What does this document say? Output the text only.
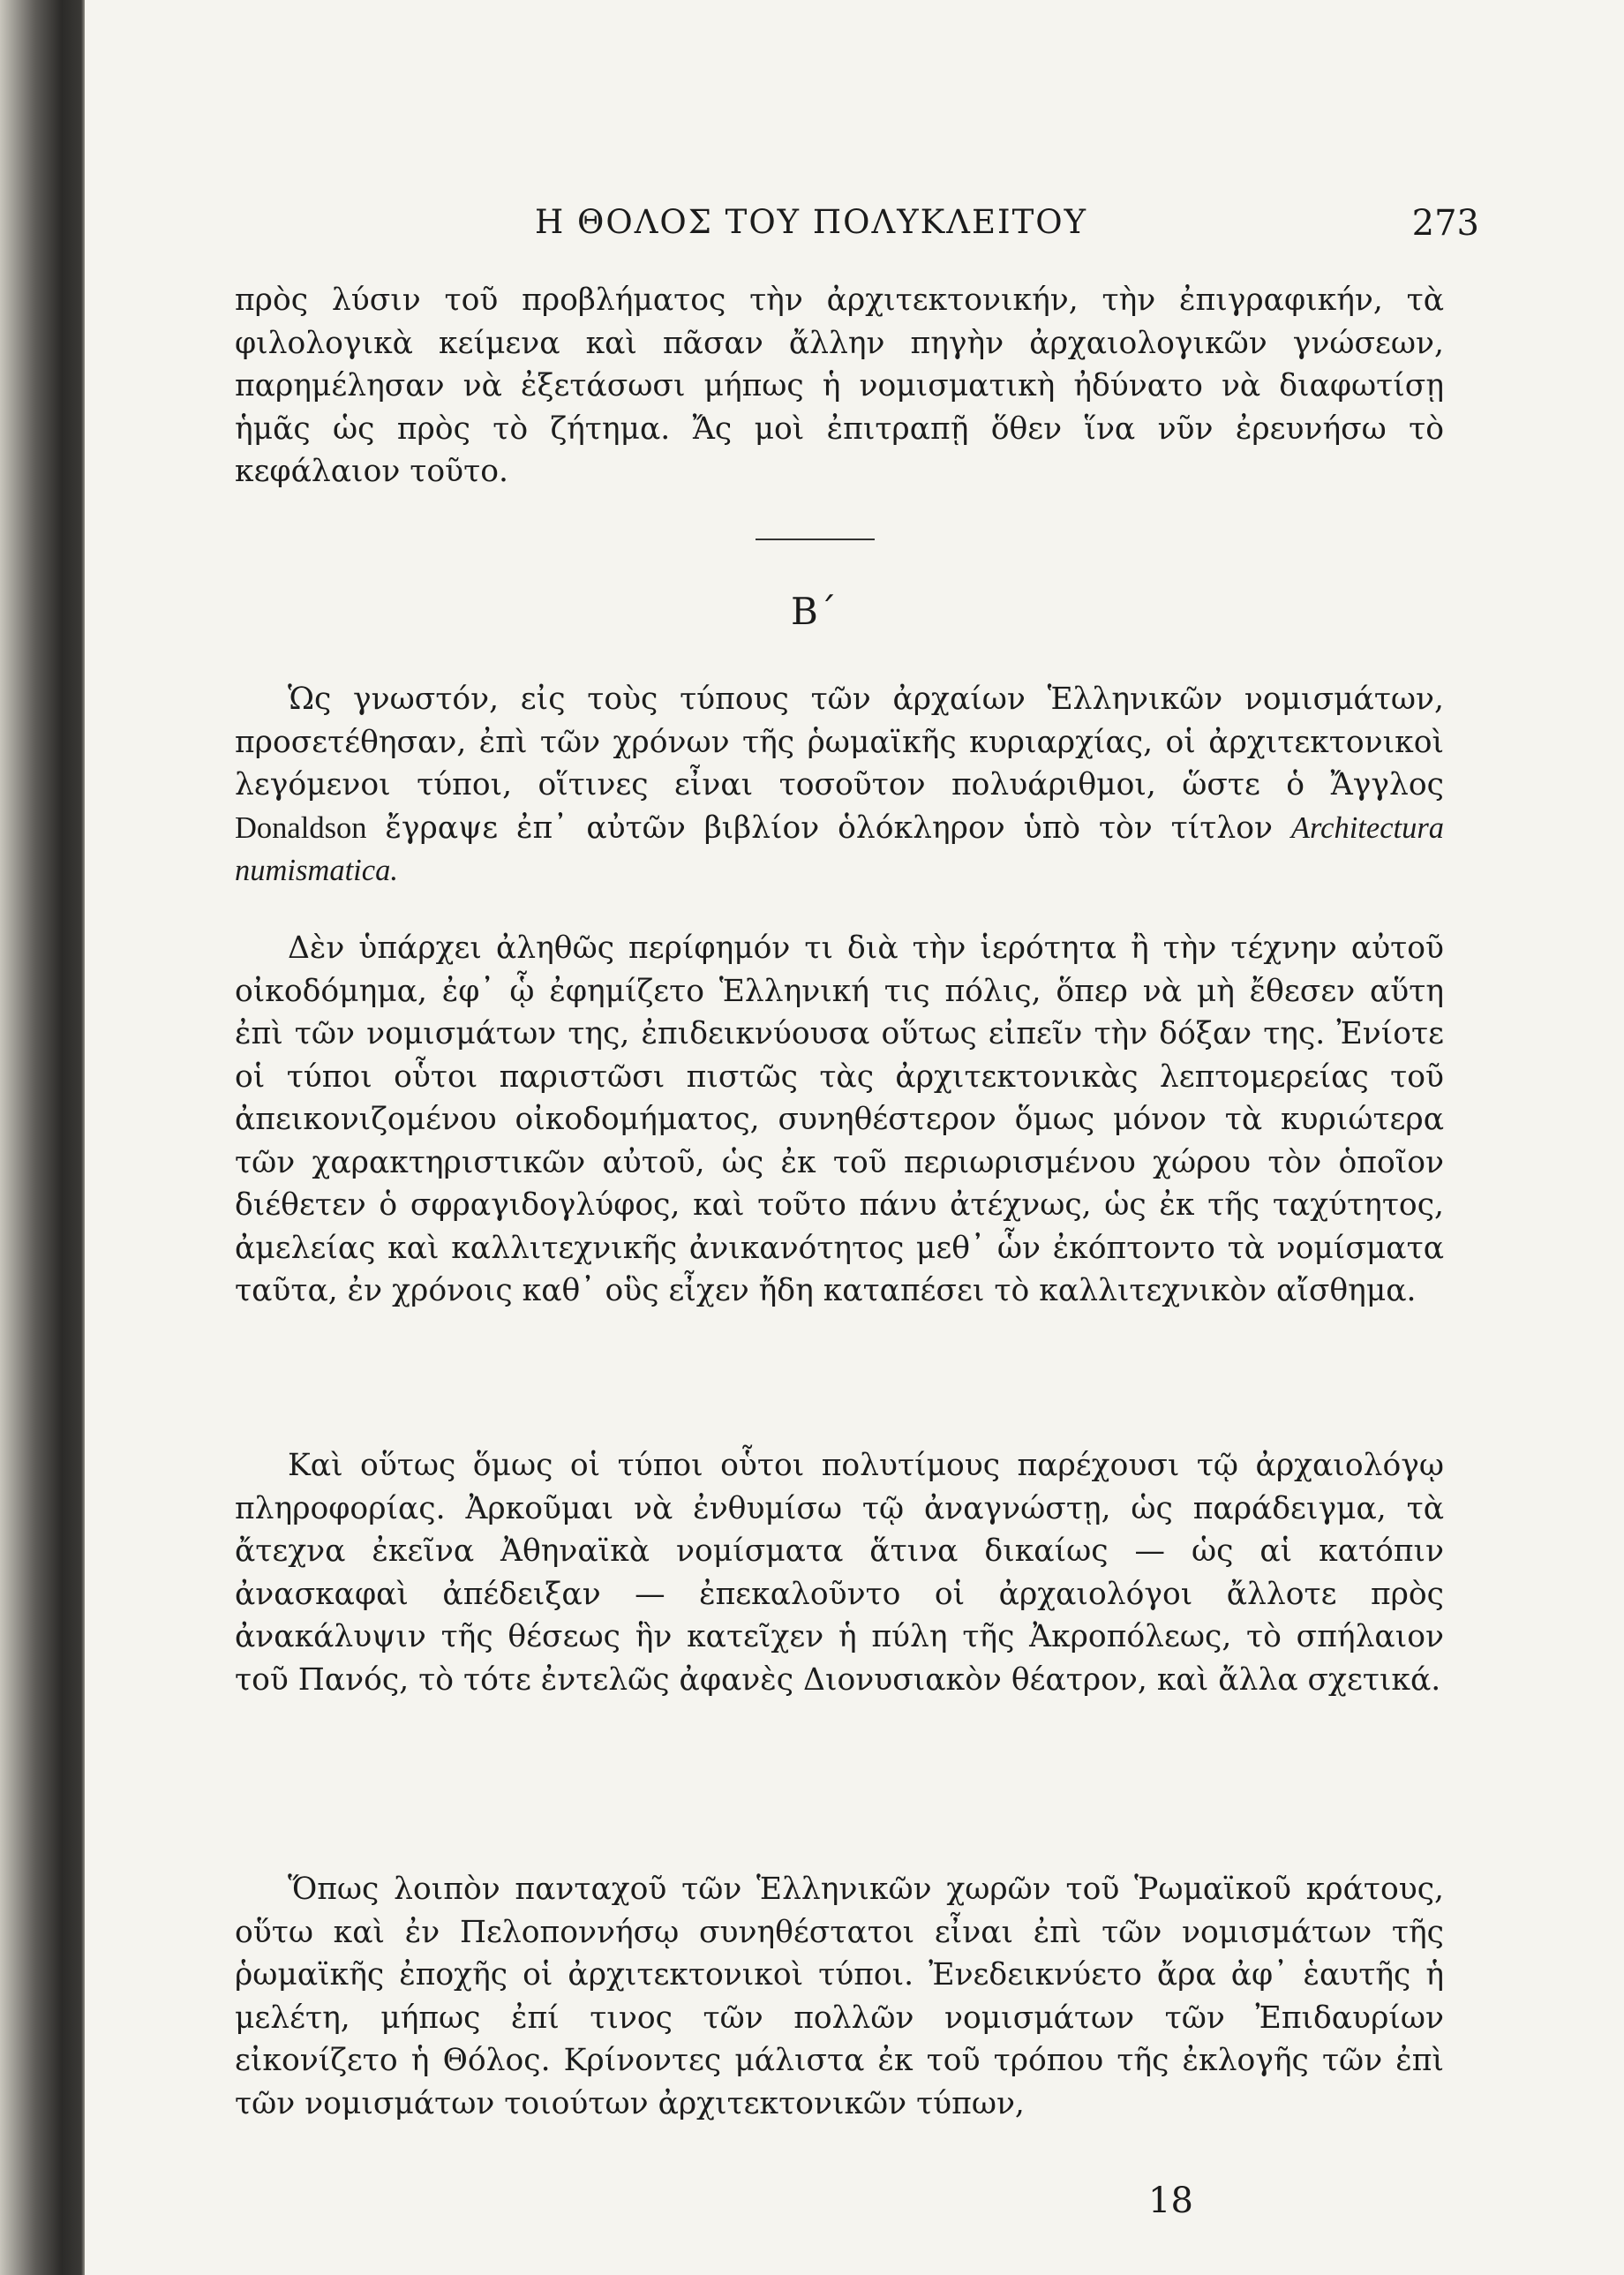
Η ΘΟΛΟΣ ΤΟΥ ΠΟΛΥΚΛΕΙΤΟΥ	273

πρὸς λύσιν τοῦ προβλήματος τὴν ἀρχιτεκτονικήν, τὴν ἐπιγραφικήν, τὰ φιλολογικὰ κείμενα καὶ πᾶσαν ἄλλην πηγὴν ἀρχαιολογικῶν γνώσεων, παρημέλησαν νὰ ἐξετάσωσι μήπως ἡ νομισματικὴ ἠδύνατο νὰ διαφωτίσῃ ἡμᾶς ὡς πρὸς τὸ ζήτημα. Ἄς μοὶ ἐπιτραπῇ ὅθεν ἵνα νῦν ἐρευνήσω τὸ κεφάλαιον τοῦτο.

Β΄

Ὡς γνωστόν, εἰς τοὺς τύπους τῶν ἀρχαίων Ἑλληνικῶν νομισμάτων, προσετέθησαν, ἐπὶ τῶν χρόνων τῆς ῥωμαϊκῆς κυριαρχίας, οἱ ἀρχιτεκτονικοὶ λεγόμενοι τύποι, οἵτινες εἶναι τοσοῦτον πολυάριθμοι, ὥστε ὁ Ἄγγλος Donaldson ἔγραψε ἐπ᾽ αὐτῶν βιβλίον ὁλόκληρον ὑπὸ τὸν τίτλον Architectura numismatica.

Δὲν ὑπάρχει ἀληθῶς περίφημόν τι διὰ τὴν ἱερότητα ἢ τὴν τέχνην αὐτοῦ οἰκοδόμημα, ἐφ᾽ ᾧ ἐφημίζετο Ἑλληνική τις πόλις, ὅπερ νὰ μὴ ἔθεσεν αὕτη ἐπὶ τῶν νομισμάτων της, ἐπιδεικνύουσα οὕτως εἰπεῖν τὴν δόξαν της. Ἐνίοτε οἱ τύποι οὗτοι παριστῶσι πιστῶς τὰς ἀρχιτεκτονικὰς λεπτομερείας τοῦ ἀπεικονιζομένου οἰκοδομήματος, συνηθέστερον ὅμως μόνον τὰ κυριώτερα τῶν χαρακτηριστικῶν αὐτοῦ, ὡς ἐκ τοῦ περιωρισμένου χώρου τὸν ὁποῖον διέθετεν ὁ σφραγιδογλύφος, καὶ τοῦτο πάνυ ἀτέχνως, ὡς ἐκ τῆς ταχύτητος, ἀμελείας καὶ καλλιτεχνικῆς ἀνικανότητος μεθ᾽ ὧν ἐκόπτοντο τὰ νομίσματα ταῦτα, ἐν χρόνοις καθ᾽ οὓς εἶχεν ἤδη καταπέσει τὸ καλλιτεχνικὸν αἴσθημα.

Καὶ οὕτως ὅμως οἱ τύποι οὗτοι πολυτίμους παρέχουσι τῷ ἀρχαιολόγῳ πληροφορίας. Ἀρκοῦμαι νὰ ἐνθυμίσω τῷ ἀναγνώστῃ, ὡς παράδειγμα, τὰ ἄτεχνα ἐκεῖνα Ἀθηναϊκὰ νομίσματα ἅτινα δικαίως — ὡς αἱ κατόπιν ἀνασκαφαὶ ἀπέδειξαν — ἐπεκαλοῦντο οἱ ἀρχαιολόγοι ἄλλοτε πρὸς ἀνακάλυψιν τῆς θέσεως ἣν κατεῖχεν ἡ πύλη τῆς Ἀκροπόλεως, τὸ σπήλαιον τοῦ Πανός, τὸ τότε ἐντελῶς ἀφανὲς Διονυσιακὸν θέατρον, καὶ ἄλλα σχετικά.

Ὅπως λοιπὸν πανταχοῦ τῶν Ἑλληνικῶν χωρῶν τοῦ Ῥωμαϊκοῦ κράτους, οὕτω καὶ ἐν Πελοποννήσῳ συνηθέστατοι εἶναι ἐπὶ τῶν νομισμάτων τῆς ῥωμαϊκῆς ἐποχῆς οἱ ἀρχιτεκτονικοὶ τύποι. Ἐνεδεικνύετο ἄρα ἀφ᾽ ἑαυτῆς ἡ μελέτη, μήπως ἐπί τινος τῶν πολλῶν νομισμάτων τῶν Ἐπιδαυρίων εἰκονίζετο ἡ Θόλος. Κρίνοντες μάλιστα ἐκ τοῦ τρόπου τῆς ἐκλογῆς τῶν ἐπὶ τῶν νομισμάτων τοιούτων ἀρχιτεκτονικῶν τύπων,

18
